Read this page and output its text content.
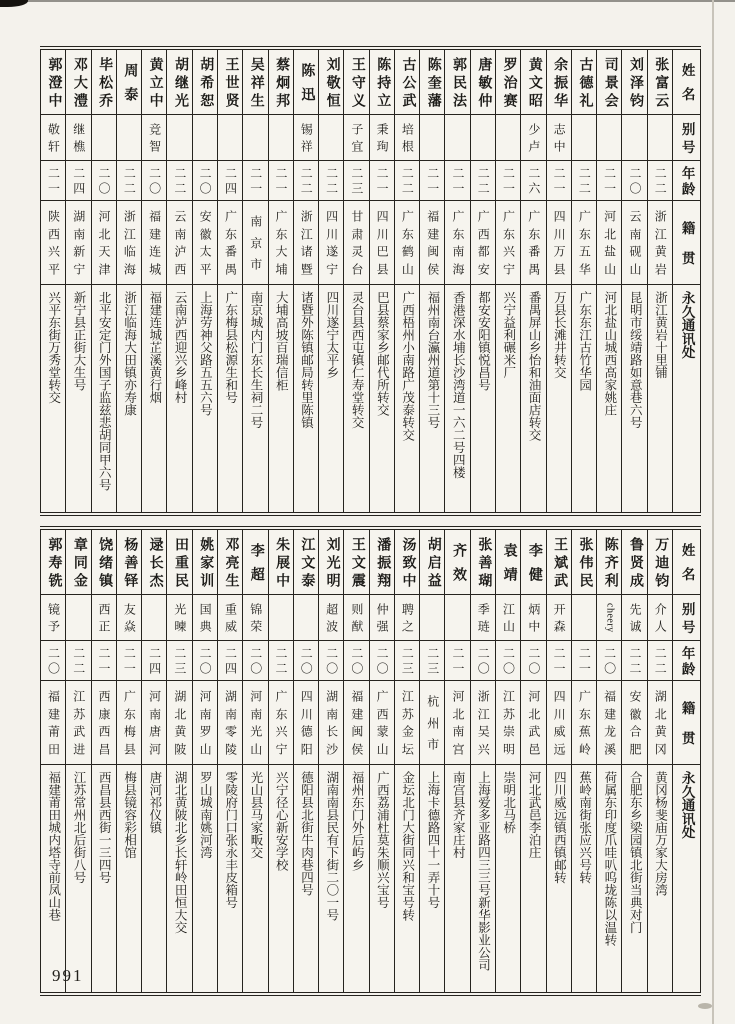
姓
名
别
号
年
龄
籍
贯
永
久
通
讯
处
张
富
云
二
二
浙
江
黄
岩
浙江黄岩十里铺
刘
泽
钧
二
〇
云
南
砚
山
昆明市绥靖路如意巷六号
司
景
会
二
一
河
北
盐
山
河北盐山城西高家姚庄
古
德
礼
二
二
广
东
五
华
广东东江古竹华园
余
振
华
志
中
二
一
四
川
万
县
万县长滩井转交
黄
文
昭
少
卢
二
六
广
东
番
禺
番禺屏山乡怡和油面店转交
罗
治
赛
二
一
广
东
兴
宁
兴宁益利碾米厂
唐
敏
仲
二
二
广
西
都
安
都安安阳镇悦昌号
郭
民
法
二
一
广
东
南
海
香港深水埔长沙湾道一六二号四楼
陈
奎
藩
二
一
福
建
闽
侯
福州南台瀛州道第十三号
古
公
武
培
根
二
二
广
东
鹤
山
广西梧州小南路广茂泰转交
陈
持
立
秉
珣
二
一
四
川
巴
县
巴县蔡家乡邮代所转交
王
守
义
子
宜
二
三
甘
肃
灵
台
灵台县西屯镇仁寿堂转交
刘
敬
恒
二
二
四
川
遂
宁
四川遂宁太平乡
陈
迅
锡
祥
二
二
浙
江
诸
暨
诸暨外陈镇邮局转里陈镇
蔡
炯
邦
二
一
广
东
大
埔
大埔高坡百瑞信柜
吴
祥
生
二
一
南
京
市
南京城内门东长生祠二号
王
世
贤
二
四
广
东
番
禺
广东梅县松源生和号
胡
希
恕
二
〇
安
徽
太
平
上海劳神父路五五六号
胡
继
光
二
二
云
南
泸
西
云南泸西迎兴乡峰村
黄
立
中
竞
智
二
〇
福
建
连
城
福建连城芷溪黄行烟
周
泰
二
二
浙
江
临
海
浙江临海大田镇亦寿康
毕
松
乔
二
〇
河
北
天
津
北平安定门外国子监兹悲胡同甲六号
邓
大
澧
继
樵
二
四
湖
南
新
宁
新宁县正街大生号
郭
澄
中
敬
轩
二
一
陕
西
兴
平
兴平东街万秀堂转交
姓
名
别
号
年
龄
籍
贯
永
久
通
讯
处
万
迪
钧
介
人
二
二
湖
北
黄
冈
黄冈杨斐庙万家大房湾
鲁
贤
成
先
诚
二
二
安
徽
合
肥
合肥东乡梁园镇北街当典对门
陈
齐
利
cheery
二
〇
福
建
龙
溪
荷属东印度爪哇叭呜垅陈以温转
张
伟
民
二
一
广
东
蕉
岭
蕉岭南街张应兴号转
王
斌
武
开
森
二
一
四
川
威
远
四川威远镇西镇邮转
李
健
炳
中
二
〇
河
北
武
邑
河北武邑李泊庄
袁
靖
江
山
二
〇
江
苏
崇
明
崇明北马桥
张
善
瑚
季
琏
二
〇
浙
江
吴
兴
上海爱多亚路四三三号新华影业公司
齐
效
二
一
河
北
南
宫
南宫县齐家庄村
胡
启
益
二
三
杭
州
市
上海卡德路四十一弄十号
汤
致
中
聘
之
二
三
江
苏
金
坛
金坛北门大街同兴和宝号转
潘
振
翔
仲
强
二
〇
广
西
蒙
山
广西荔浦杜莫朱顺兴宝号
王
文
震
则
猷
二
〇
福
建
闽
侯
福州东门外后屿乡
刘
光
明
超
波
二
〇
湖
南
长
沙
湖南南县民有下街二〇一号
江
文
泰
二
〇
四
川
德
阳
德阳县北街牛肉巷四号
朱
展
中
二
二
广
东
兴
宁
兴宁径心新安学校
李
超
锦
荣
二
〇
河
南
光
山
光山县马家畈交
邓
亮
生
重
威
二
四
湖
南
零
陵
零陵府门口张永丰皮箱号
姚
家
训
国
典
二
〇
河
南
罗
山
罗山城南姚河湾
田
重
民
光
暕
二
三
湖
北
黄
陂
湖北黄陂北乡长轩岭田恒大交
逯
长
杰
二
四
河
南
唐
河
唐河祁仪镇
杨
善
铎
友
焱
二
一
广
东
梅
县
梅县镜容彩相馆
饶
绪
镇
西
正
二
一
西
康
西
昌
西昌县西街一三四号
章
同
金
二
二
江
苏
武
进
江苏常州北后街八号
郭
寿
铣
镜
予
二
〇
福
建
莆
田
福建莆田城内塔寺前凤山巷
991
